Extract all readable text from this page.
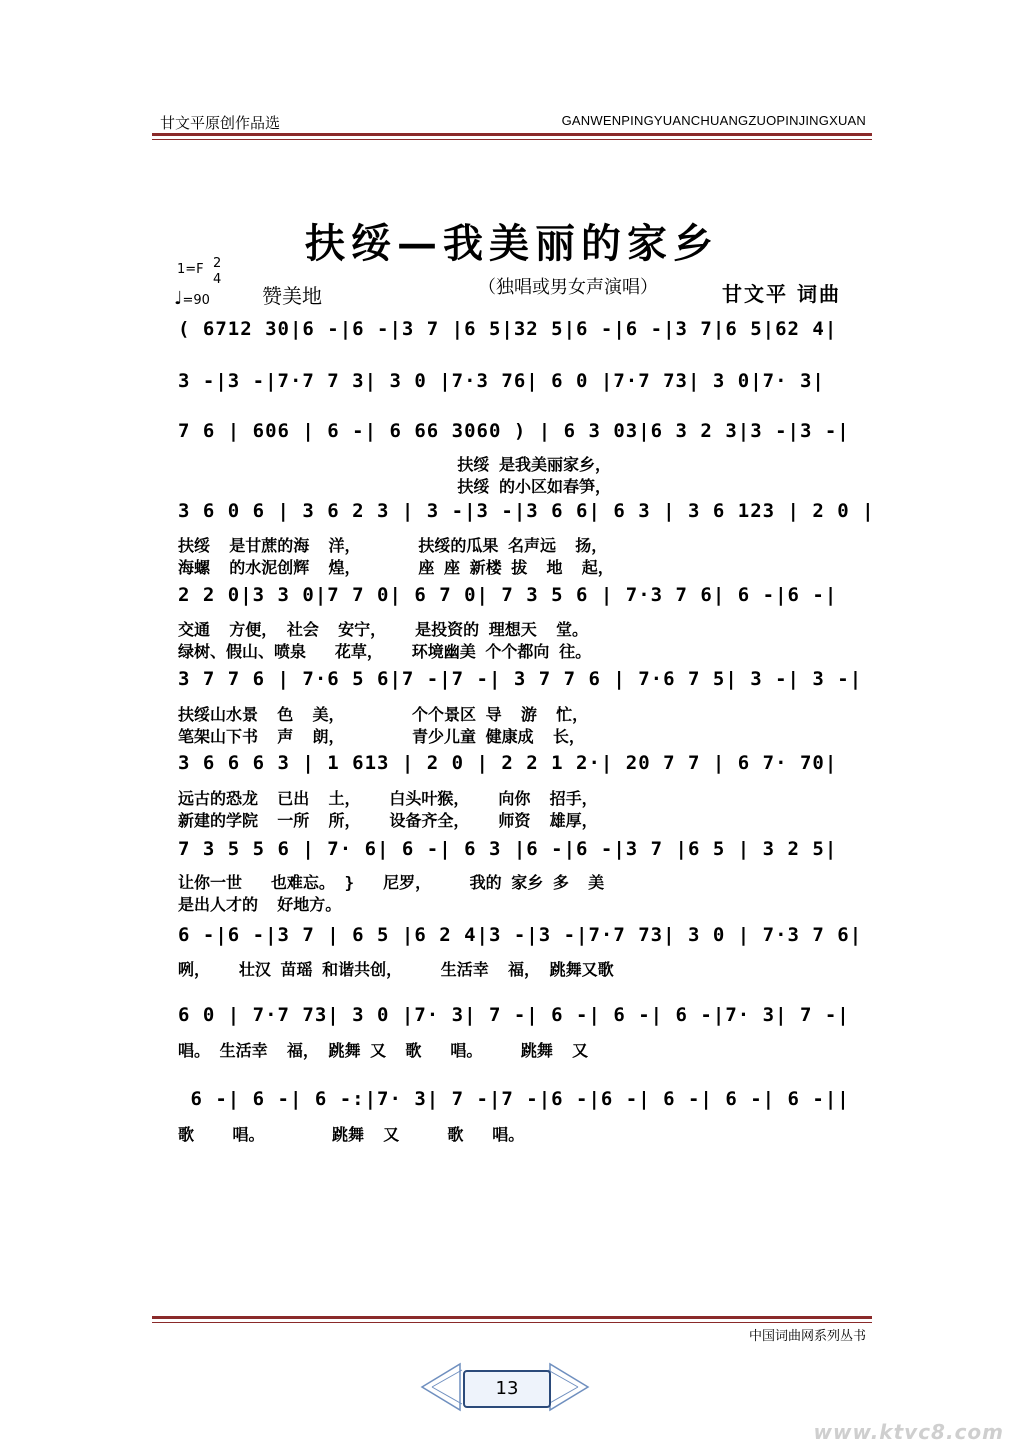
甘文平原创作品选	GANWENPINGYUANCHUANGZUOPINJINGXUAN
扶绥—我美丽的家乡
1=F 2
4
♩=90	赞美地	（独唱或男女声演唱）	甘文平 词曲
( 6712 30|6 -|6 -|3 7 |6 5|32 5|6 -|6 -|3 7|6 5|62 4|
3 -|3 -|7·7 7 3| 3 0 |7·3 76| 6 0 |7·7 73| 3 0|7· 3|
7 6 | 606 | 6 -| 6 66 3060 ) | 6 3 03|6 3 2 3|3 -|3 -|
扶绥 是我美丽家乡，
扶绥 的小区如春笋，
3 6 0 6 | 3 6 2 3 | 3 -|3 -|3 6 6| 6 3 | 3 6 123 | 2 0 |
扶绥  是甘蔗的海  洋，      扶绥的瓜果 名声远  扬，
海螺  的水泥创辉  煌，      座 座 新楼 拔  地  起，
2 2 0|3 3 0|7 7 0| 6 7 0| 7 3 5 6 | 7·3 7 6| 6 -|6 -|
交通  方便， 社会  安宁，   是投资的 理想天  堂。
绿树、假山、喷泉   花草，   环境幽美 个个都向 往。
3 7 7 6 | 7·6 5 6|7 -|7 -| 3 7 7 6 | 7·6 7 5| 3 -| 3 -|
扶绥山水景  色  美，       个个景区 导  游  忙，
笔架山下书  声  朗，       青少儿童 健康成  长，
3 6 6 6 3 | 1 613 | 2 0 | 2 2 1 2·| 20 7 7 | 6 7· 70|
远古的恐龙  已出  土，   白头叶猴，   向你  招手，
新建的学院  一所  所，   设备齐全，   师资  雄厚，
7 3 5 5 6 | 7· 6| 6 -| 6 3 |6 -|6 -|3 7 |6 5 | 3 2 5|
让你一世   也难忘。 }   尼罗，    我的 家乡 多  美
是出人才的  好地方。
6 -|6 -|3 7 | 6 5 |6 2 4|3 -|3 -|7·7 73| 3 0 | 7·3 7 6|
咧，   壮汉 苗瑶 和谐共创，    生活幸  福， 跳舞又歌
6 0 | 7·7 73| 3 0 |7· 3| 7 -| 6 -| 6 -| 6 -|7· 3| 7 -|
唱。 生活幸  福， 跳舞 又  歌   唱。    跳舞  又
6 -| 6 -| 6 -:|7· 3| 7 -|7 -|6 -|6 -| 6 -| 6 -| 6 -||
歌    唱。       跳舞  又     歌   唱。
中国词曲网系列丛书
13
www.ktvc8.com
